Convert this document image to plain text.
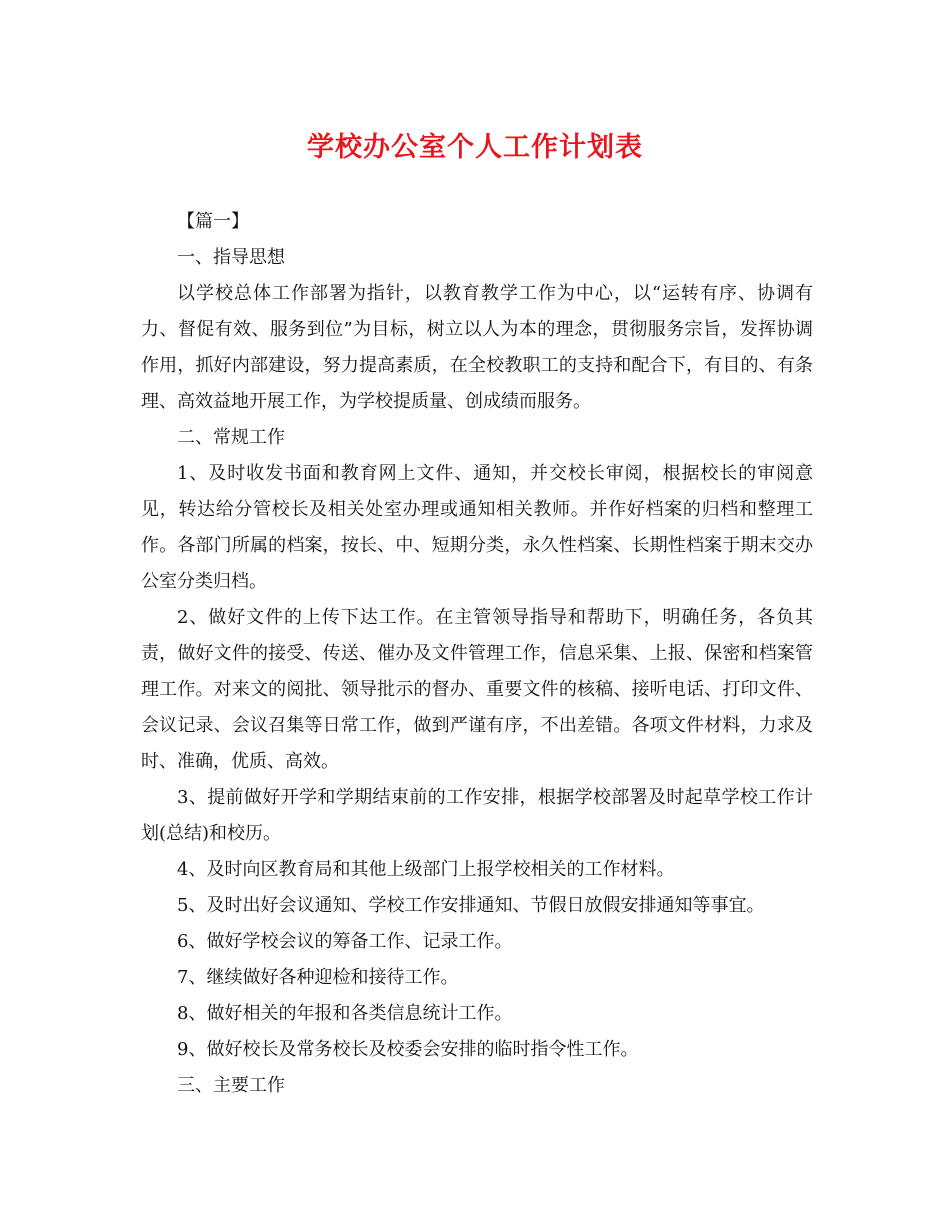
学校办公室个人工作计划表

【篇一】

一、指导思想

以学校总体工作部署为指针，以教育教学工作为中心，以“运转有序、协调有力、督促有效、服务到位”为目标，树立以人为本的理念，贯彻服务宗旨，发挥协调作用，抓好内部建设，努力提高素质，在全校教职工的支持和配合下，有目的、有条理、高效益地开展工作，为学校提质量、创成绩而服务。

二、常规工作

1、及时收发书面和教育网上文件、通知，并交校长审阅，根据校长的审阅意见，转达给分管校长及相关处室办理或通知相关教师。并作好档案的归档和整理工作。各部门所属的档案，按长、中、短期分类，永久性档案、长期性档案于期末交办公室分类归档。

2、做好文件的上传下达工作。在主管领导指导和帮助下，明确任务，各负其责，做好文件的接受、传送、催办及文件管理工作，信息采集、上报、保密和档案管理工作。对来文的阅批、领导批示的督办、重要文件的核稿、接听电话、打印文件、会议记录、会议召集等日常工作，做到严谨有序，不出差错。各项文件材料，力求及时、准确，优质、高效。

3、提前做好开学和学期结束前的工作安排，根据学校部署及时起草学校工作计划(总结)和校历。

4、及时向区教育局和其他上级部门上报学校相关的工作材料。

5、及时出好会议通知、学校工作安排通知、节假日放假安排通知等事宜。

6、做好学校会议的筹备工作、记录工作。

7、继续做好各种迎检和接待工作。

8、做好相关的年报和各类信息统计工作。

9、做好校长及常务校长及校委会安排的临时指令性工作。

三、主要工作
